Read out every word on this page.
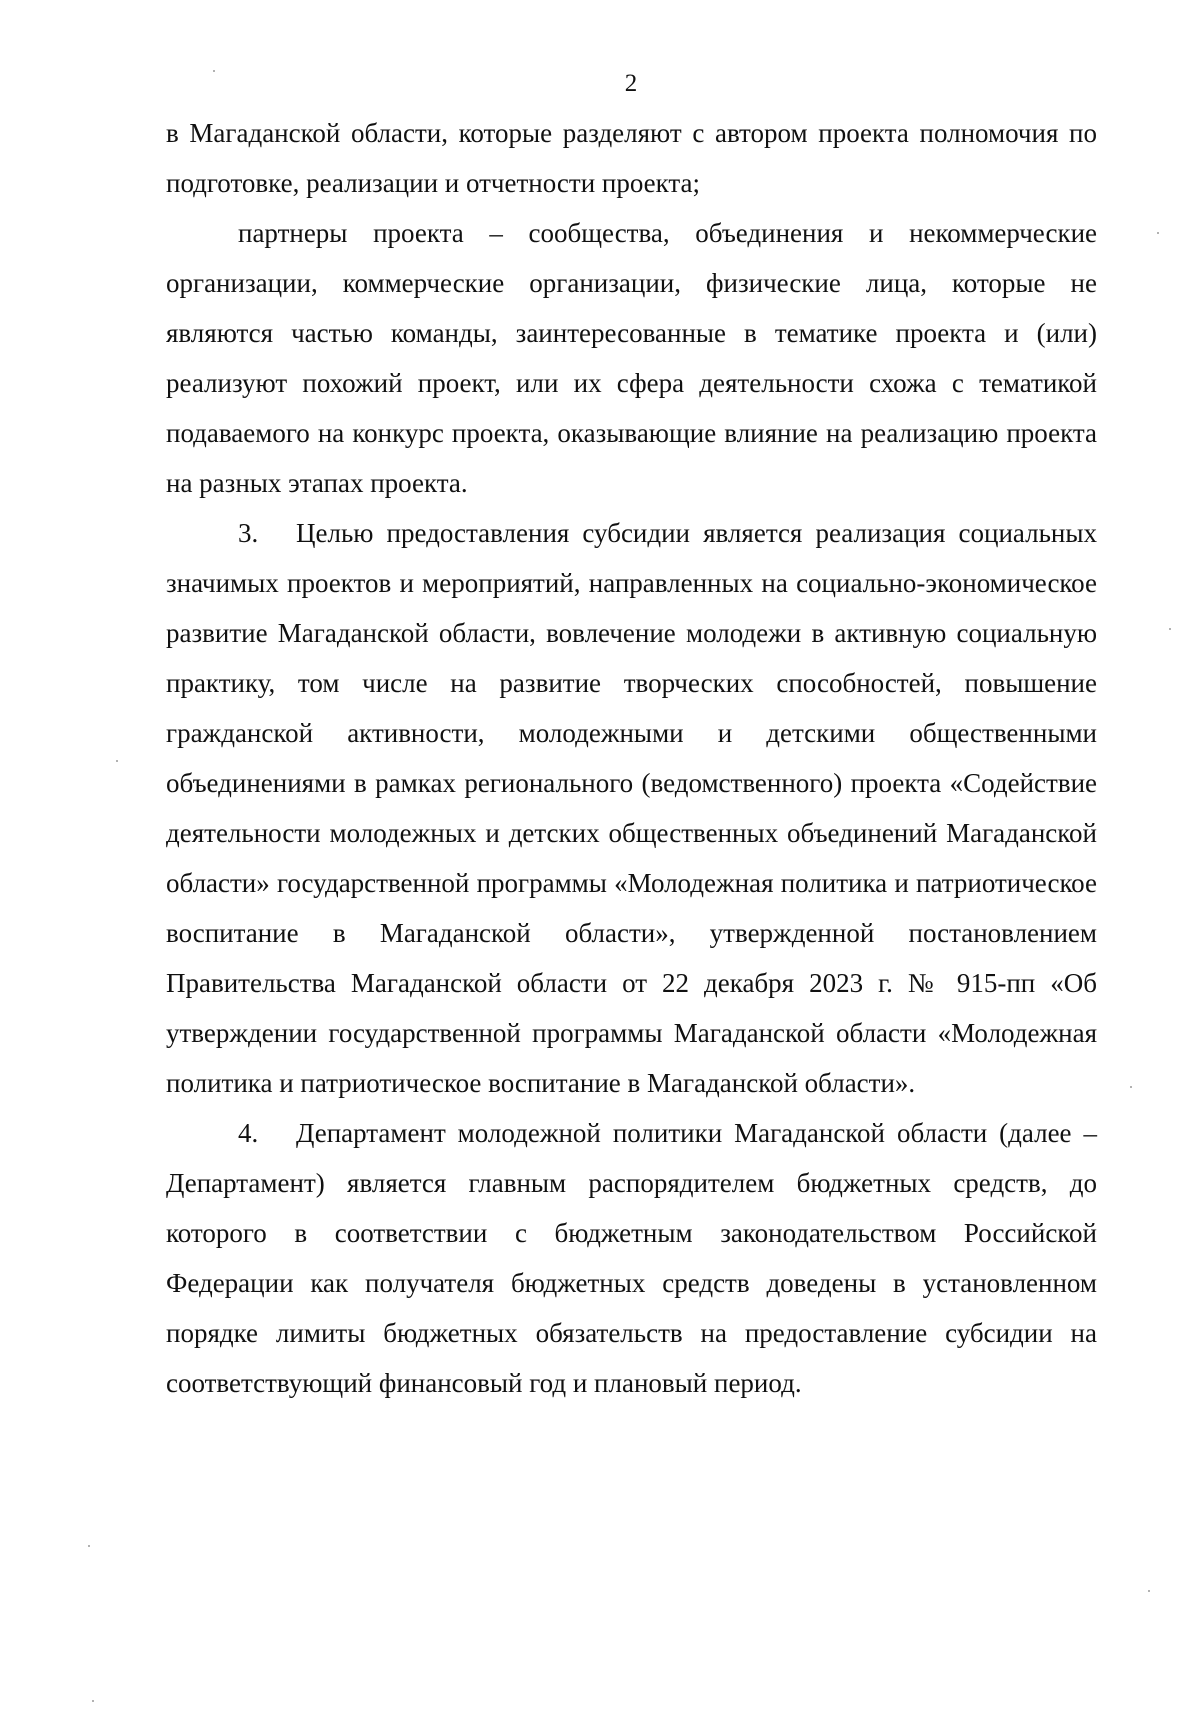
2

в Магаданской области, которые разделяют с автором проекта полномочия по подготовке, реализации и отчетности проекта;

партнеры проекта – сообщества, объединения и некоммерческие организации, коммерческие организации, физические лица, которые не являются частью команды, заинтересованные в тематике проекта и (или) реализуют похожий проект, или их сфера деятельности схожа с тематикой подаваемого на конкурс проекта, оказывающие влияние на реализацию проекта на разных этапах проекта.

3. Целью предоставления субсидии является реализация социальных значимых проектов и мероприятий, направленных на социально-экономическое развитие Магаданской области, вовлечение молодежи в активную социальную практику, том числе на развитие творческих способностей, повышение гражданской активности, молодежными и детскими общественными объединениями в рамках регионального (ведомственного) проекта «Содействие деятельности молодежных и детских общественных объединений Магаданской области» государственной программы «Молодежная политика и патриотическое воспитание в Магаданской области», утвержденной постановлением Правительства Магаданской области от 22 декабря 2023 г. № 915-пп «Об утверждении государственной программы Магаданской области «Молодежная политика и патриотическое воспитание в Магаданской области».

4. Департамент молодежной политики Магаданской области (далее – Департамент) является главным распорядителем бюджетных средств, до которого в соответствии с бюджетным законодательством Российской Федерации как получателя бюджетных средств доведены в установленном порядке лимиты бюджетных обязательств на предоставление субсидии на соответствующий финансовый год и плановый период.
